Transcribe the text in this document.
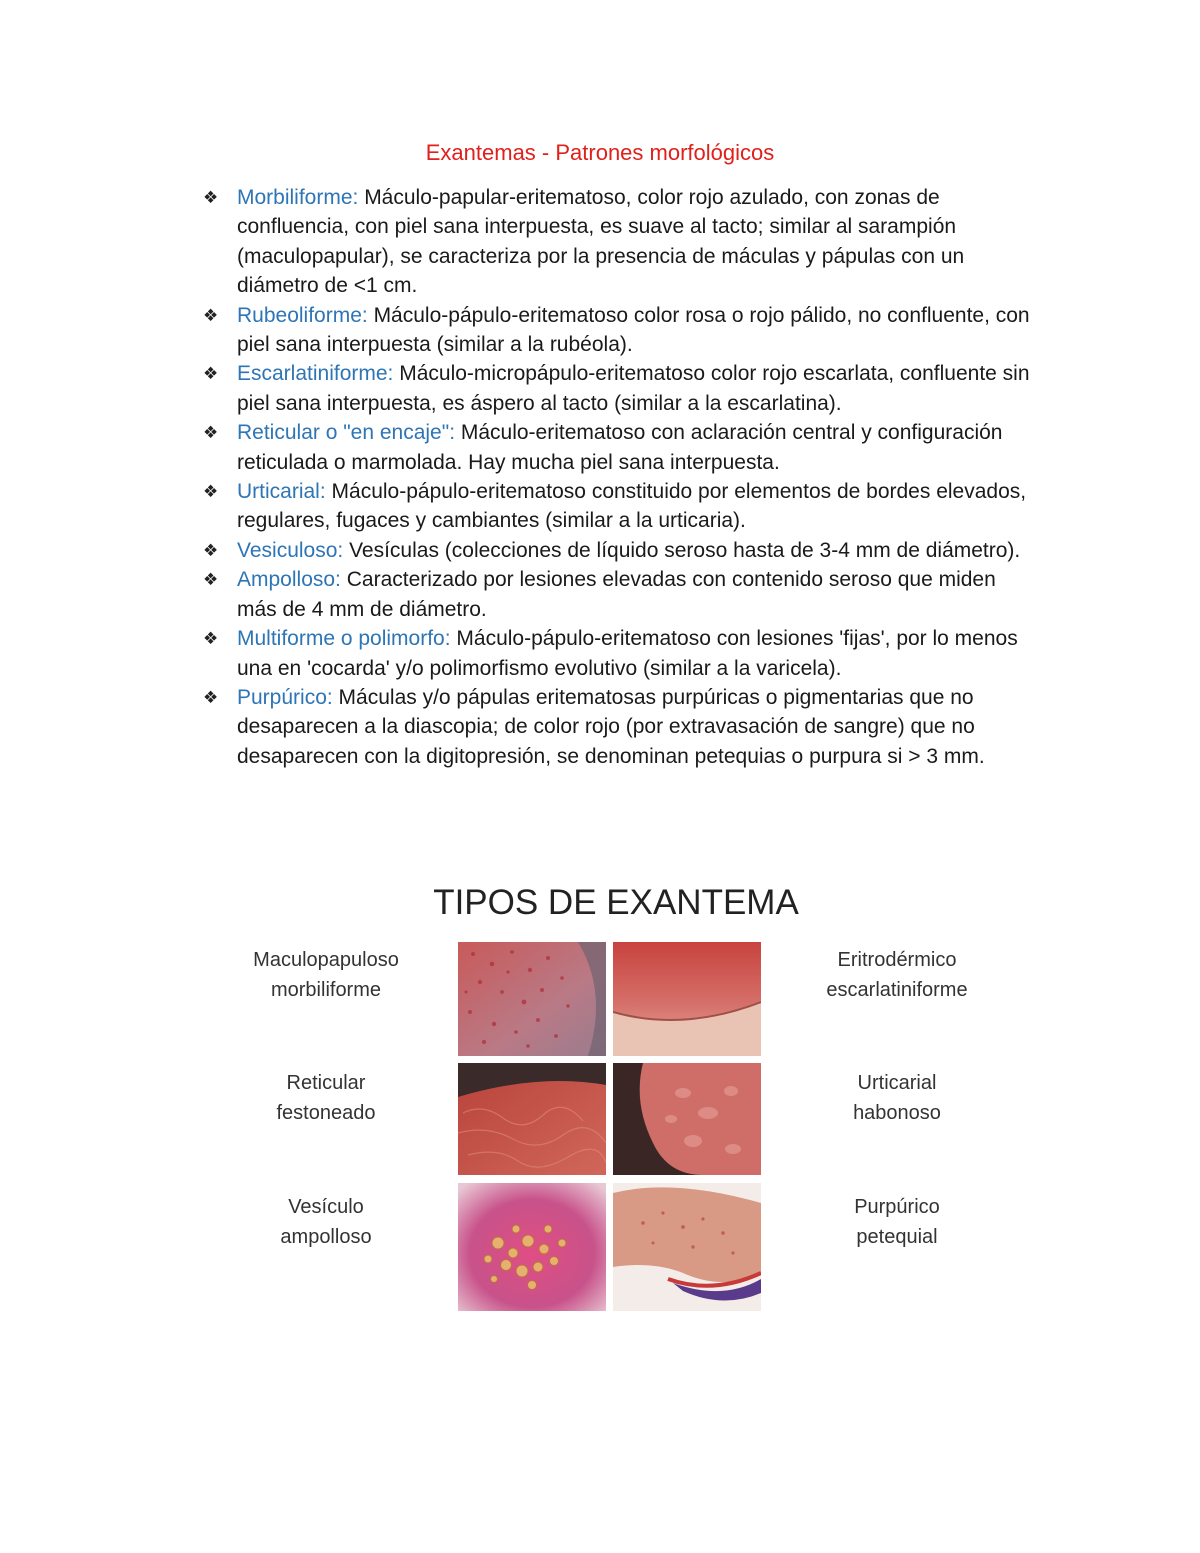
Exantemas - Patrones morfológicos
❖ Morbiliforme: Máculo-papular-eritematoso, color rojo azulado, con zonas de confluencia, con piel sana interpuesta, es suave al tacto; similar al sarampión (maculopapular), se caracteriza por la presencia de máculas y pápulas con un diámetro de <1 cm.
❖ Rubeoliforme: Máculo-pápulo-eritematoso color rosa o rojo pálido, no confluente, con piel sana interpuesta (similar a la rubéola).
❖ Escarlatiniforme: Máculo-micropápulo-eritematoso color rojo escarlata, confluente sin piel sana interpuesta, es áspero al tacto (similar a la escarlatina).
❖ Reticular o "en encaje": Máculo-eritematoso con aclaración central y configuración reticulada o marmolada. Hay mucha piel sana interpuesta.
❖ Urticarial: Máculo-pápulo-eritematoso constituido por elementos de bordes elevados, regulares, fugaces y cambiantes (similar a la urticaria).
❖ Vesiculoso: Vesículas (colecciones de líquido seroso hasta de 3-4 mm de diámetro).
❖ Ampolloso: Caracterizado por lesiones elevadas con contenido seroso que miden más de 4 mm de diámetro.
❖ Multiforme o polimorfo: Máculo-pápulo-eritematoso con lesiones 'fijas', por lo menos una en 'cocarda' y/o polimorfismo evolutivo (similar a la varicela).
❖ Purpúrico: Máculas y/o pápulas eritematosas purpúricas o pigmentarias que no desaparecen a la diascopia; de color rojo (por extravasación de sangre) que no desaparecen con la digitopresión, se denominan petequias o purpura si > 3 mm.
TIPOS DE EXANTEMA
Maculopapuloso
morbiliforme
Eritrodérmico
escarlatiniforme
Reticular
festoneado
Urticarial
habonoso
Vesículo
ampolloso
Purpúrico
petequial
